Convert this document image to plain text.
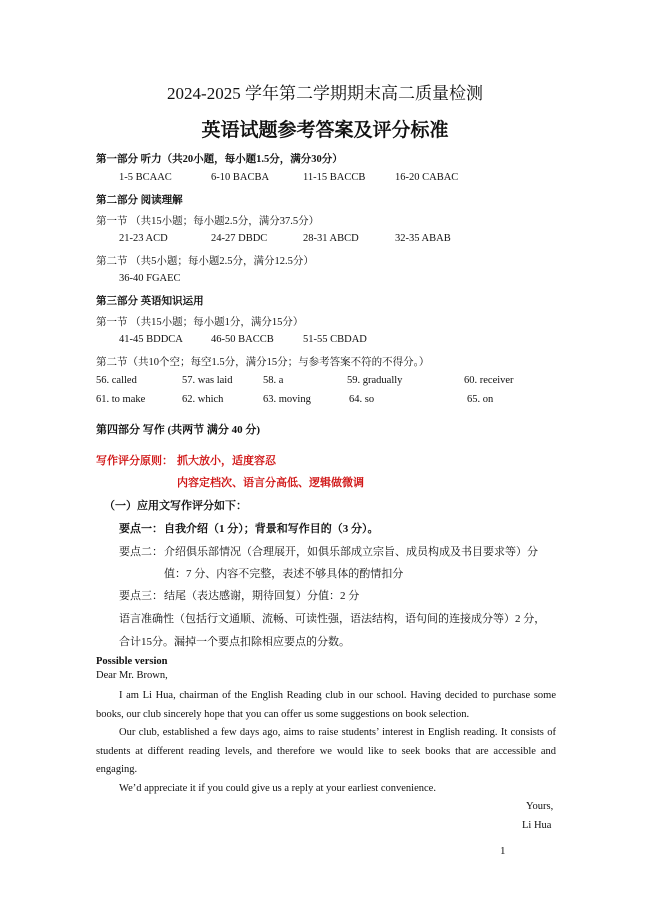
2024-2025 学年第二学期期末高二质量检测
英语试题参考答案及评分标准
第一部分 听力（共20小题，每小题1.5分，满分30分）
1-5 BCAAC	6-10 BACBA	11-15 BACCB	16-20 CABAC
第二部分 阅读理解
第一节 （共15小题；每小题2.5分，满分37.5分）
21-23 ACD	24-27 DBDC	28-31 ABCD	32-35 ABAB
第二节 （共5小题；每小题2.5分，满分12.5分）
36-40 FGAEC
第三部分 英语知识运用
第一节 （共15小题；每小题1分，满分15分）
41-45 BDDCA	46-50 BACCB	51-55 CBDAD
第二节（共10个空；每空1.5分，满分15分；与参考答案不符的不得分。）
56. called	57. was laid	58. a	59. gradually	60. receiver
61. to make	62. which	63. moving	64. so	65. on
第四部分 写作 (共两节 满分 40 分)
写作评分原则： 抓大放小，适度容忍
内容定档次、语言分高低、逻辑做微调
（一）应用文写作评分如下：
要点一： 自我介绍（1 分）；背景和写作目的（3 分）。
要点二： 介绍俱乐部情况（合理展开，如俱乐部成立宗旨、成员构成及书目要求等）分
值：7 分、内容不完整，表述不够具体的酌情扣分
要点三： 结尾（表达感谢，期待回复）分值：2 分
语言准确性（包括行文通顺、流畅、可读性强，语法结构，语句间的连接成分等）2 分，
合计15分。漏掉一个要点扣除相应要点的分数。
Possible version
Dear Mr. Brown,
I am Li Hua, chairman of the English Reading club in our school. Having decided to purchase some books, our club sincerely hope that you can offer us some suggestions on book selection.
Our club, established a few days ago, aims to raise students’ interest in English reading. It consists of students at different reading levels, and therefore we would like to seek books that are accessible and engaging.
We’d appreciate it if you could give us a reply at your earliest convenience.
Yours,
Li Hua
1
